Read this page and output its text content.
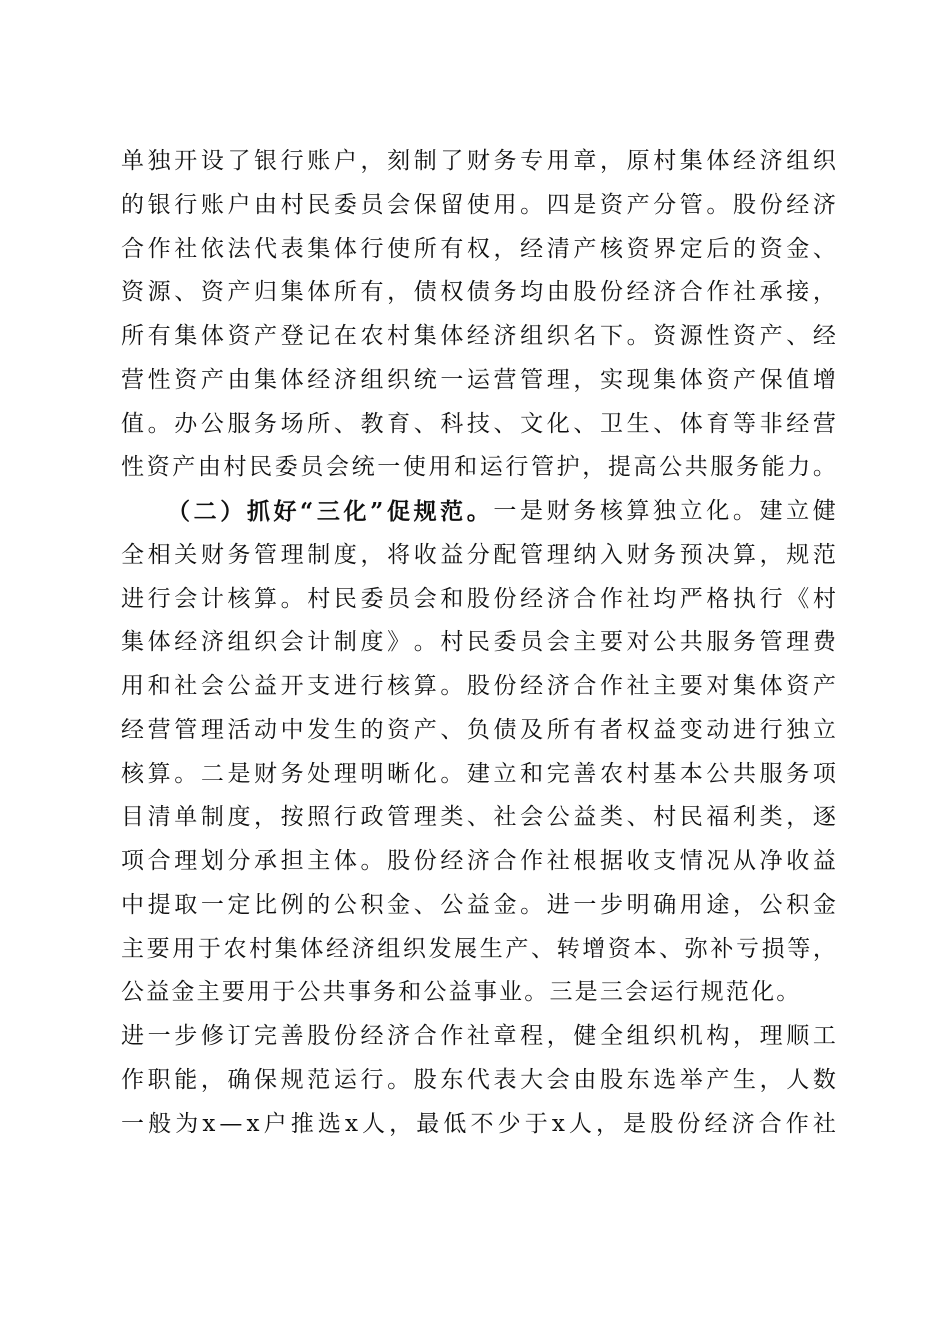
单 独 开 设 了 银 行 账 户 ， 刻 制 了 财 务 专 用 章 ， 原 村 集 体 经 济 组 织
的 银 行 账 户 由 村 民 委 员 会 保 留 使 用 。 四 是 资 产 分 管 。 股 份 经 济
合 作 社 依 法 代 表 集 体 行 使 所 有 权 ， 经 清 产 核 资 界 定 后 的 资 金 、
资 源 、 资 产 归 集 体 所 有 ， 债 权 债 务 均 由 股 份 经 济 合 作 社 承 接 ，
所 有 集 体 资 产 登 记 在 农 村 集 体 经 济 组 织 名 下 。 资 源 性 资 产 、 经
营 性 资 产 由 集 体 经 济 组 织 统 一 运 营 管 理 ， 实 现 集 体 资 产 保 值 增
值 。 办 公 服 务 场 所 、 教 育 、 科 技 、 文 化 、 卫 生 、 体 育 等 非 经 营
性 资 产 由 村 民 委 员 会 统 一 使 用 和 运 行 管 护 ， 提 高 公 共 服 务 能 力 。
（ 二 ） 抓 好 “ 三 化 ” 促 规 范 。 一 是 财 务 核 算 独 立 化 。 建 立 健
全 相 关 财 务 管 理 制 度 ， 将 收 益 分 配 管 理 纳 入 财 务 预 决 算 ， 规 范
进 行 会 计 核 算 。 村 民 委 员 会 和 股 份 经 济 合 作 社 均 严 格 执 行 《 村
集 体 经 济 组 织 会 计 制 度 》 。 村 民 委 员 会 主 要 对 公 共 服 务 管 理 费
用 和 社 会 公 益 开 支 进 行 核 算 。 股 份 经 济 合 作 社 主 要 对 集 体 资 产
经 营 管 理 活 动 中 发 生 的 资 产 、 负 债 及 所 有 者 权 益 变 动 进 行 独 立
核 算 。 二 是 财 务 处 理 明 晰 化 。 建 立 和 完 善 农 村 基 本 公 共 服 务 项
目 清 单 制 度 ， 按 照 行 政 管 理 类 、 社 会 公 益 类 、 村 民 福 利 类 ， 逐
项 合 理 划 分 承 担 主 体 。 股 份 经 济 合 作 社 根 据 收 支 情 况 从 净 收 益
中 提 取 一 定 比 例 的 公 积 金 、 公 益 金 。 进 一 步 明 确 用 途 ， 公 积 金
主 要 用 于 农 村 集 体 经 济 组 织 发 展 生 产 、 转 增 资 本 、 弥 补 亏 损 等 ，
公 益 金 主 要 用 于 公 共 事 务 和 公 益 事 业 。 三 是 三 会 运 行 规 范 化 。
进 一 步 修 订 完 善 股 份 经 济 合 作 社 章 程 ， 健 全 组 织 机 构 ， 理 顺 工
作 职 能 ， 确 保 规 范 运 行 。 股 东 代 表 大 会 由 股 东 选 举 产 生 ， 人 数
一 般 为 x — x 户 推 选 x 人 ， 最 低 不 少 于 x 人 ， 是 股 份 经 济 合 作 社
